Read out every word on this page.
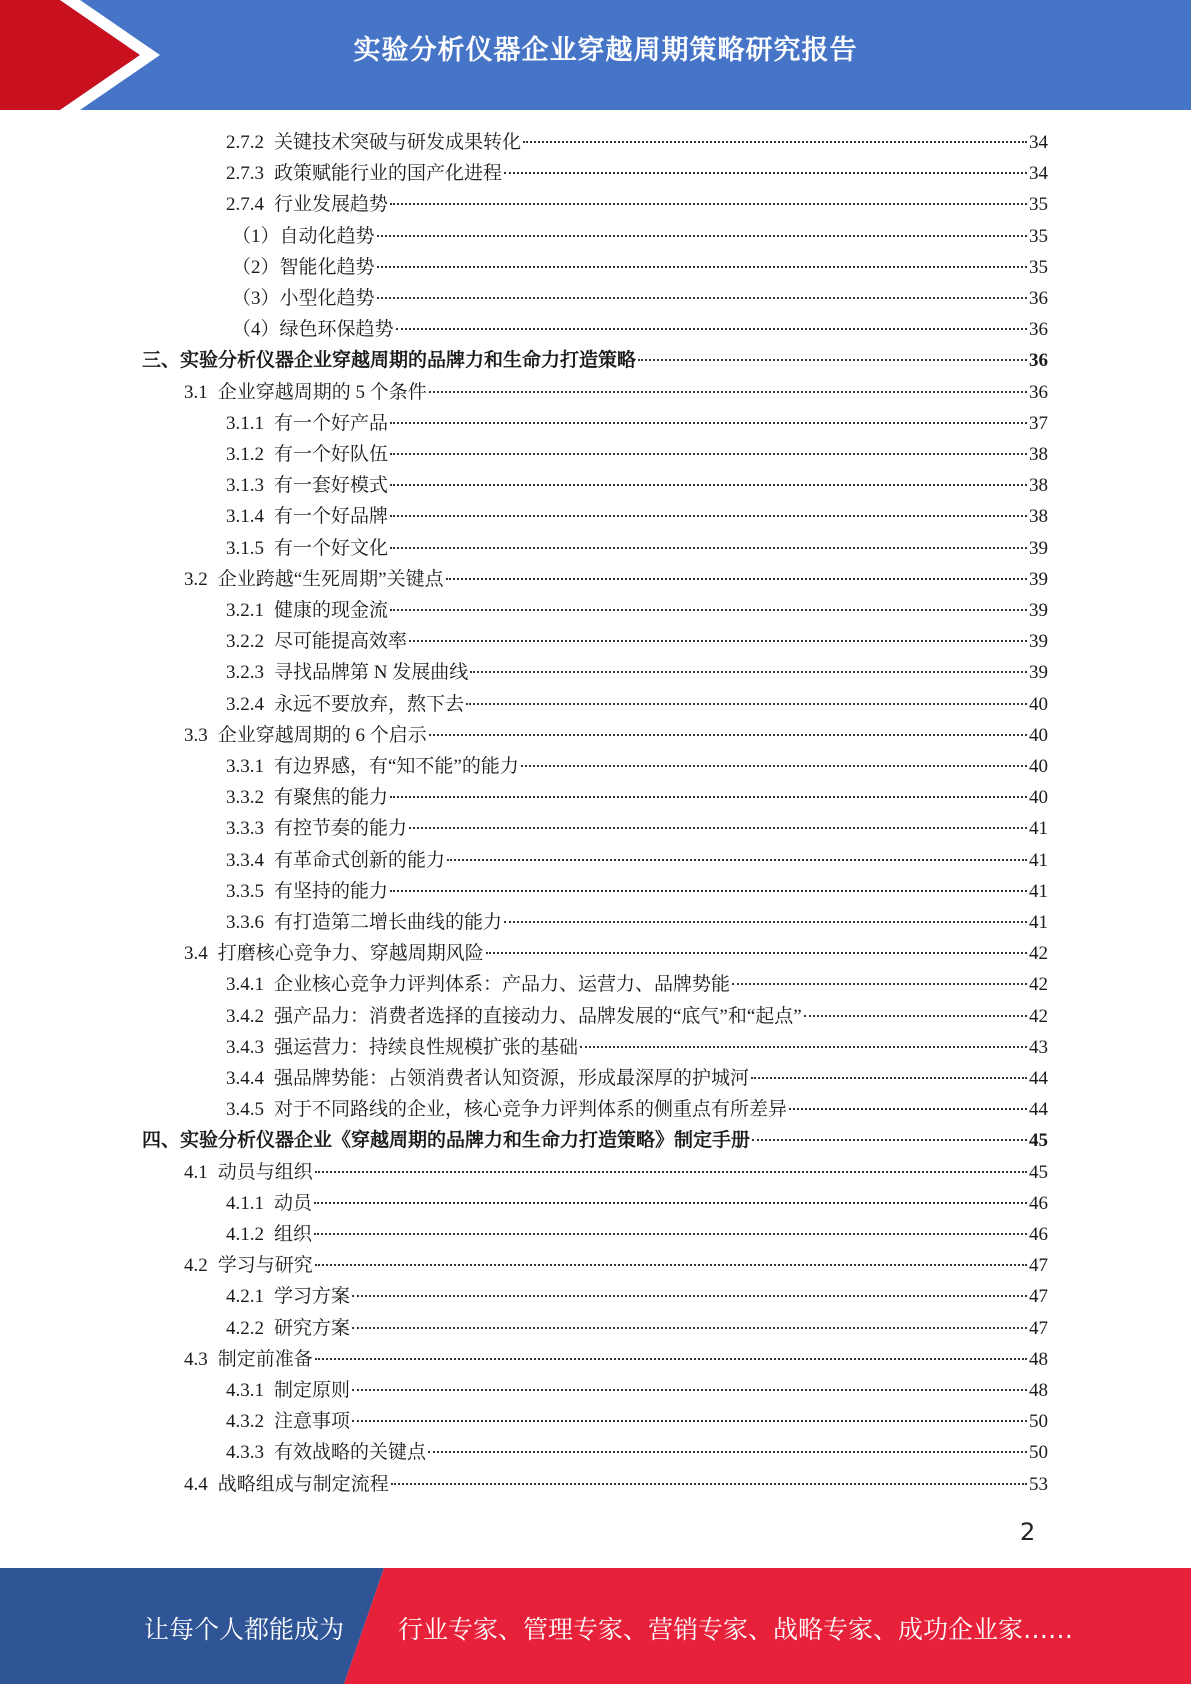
实验分析仪器企业穿越周期策略研究报告
2.7.2 关键技术突破与研发成果转化	34
2.7.3 政策赋能行业的国产化进程	34
2.7.4 行业发展趋势	35
（1）自动化趋势	35
（2）智能化趋势	35
（3）小型化趋势	36
（4）绿色环保趋势	36
三、实验分析仪器企业穿越周期的品牌力和生命力打造策略	36
3.1 企业穿越周期的 5 个条件	36
3.1.1 有一个好产品	37
3.1.2 有一个好队伍	38
3.1.3 有一套好模式	38
3.1.4 有一个好品牌	38
3.1.5 有一个好文化	39
3.2 企业跨越“生死周期”关键点	39
3.2.1 健康的现金流	39
3.2.2 尽可能提高效率	39
3.2.3 寻找品牌第 N 发展曲线	39
3.2.4 永远不要放弃，熬下去	40
3.3 企业穿越周期的 6 个启示	40
3.3.1 有边界感，有“知不能”的能力	40
3.3.2 有聚焦的能力	40
3.3.3 有控节奏的能力	41
3.3.4 有革命式创新的能力	41
3.3.5 有坚持的能力	41
3.3.6 有打造第二增长曲线的能力	41
3.4 打磨核心竞争力、穿越周期风险	42
3.4.1 企业核心竞争力评判体系：产品力、运营力、品牌势能	42
3.4.2 强产品力：消费者选择的直接动力、品牌发展的“底气”和“起点”	42
3.4.3 强运营力：持续良性规模扩张的基础	43
3.4.4 强品牌势能：占领消费者认知资源，形成最深厚的护城河	44
3.4.5 对于不同路线的企业，核心竞争力评判体系的侧重点有所差异	44
四、实验分析仪器企业《穿越周期的品牌力和生命力打造策略》制定手册	45
4.1 动员与组织	45
4.1.1 动员	46
4.1.2 组织	46
4.2 学习与研究	47
4.2.1 学习方案	47
4.2.2 研究方案	47
4.3 制定前准备	48
4.3.1 制定原则	48
4.3.2 注意事项	50
4.3.3 有效战略的关键点	50
4.4 战略组成与制定流程	53
2
让每个人都能成为 行业专家、管理专家、营销专家、战略专家、成功企业家……
